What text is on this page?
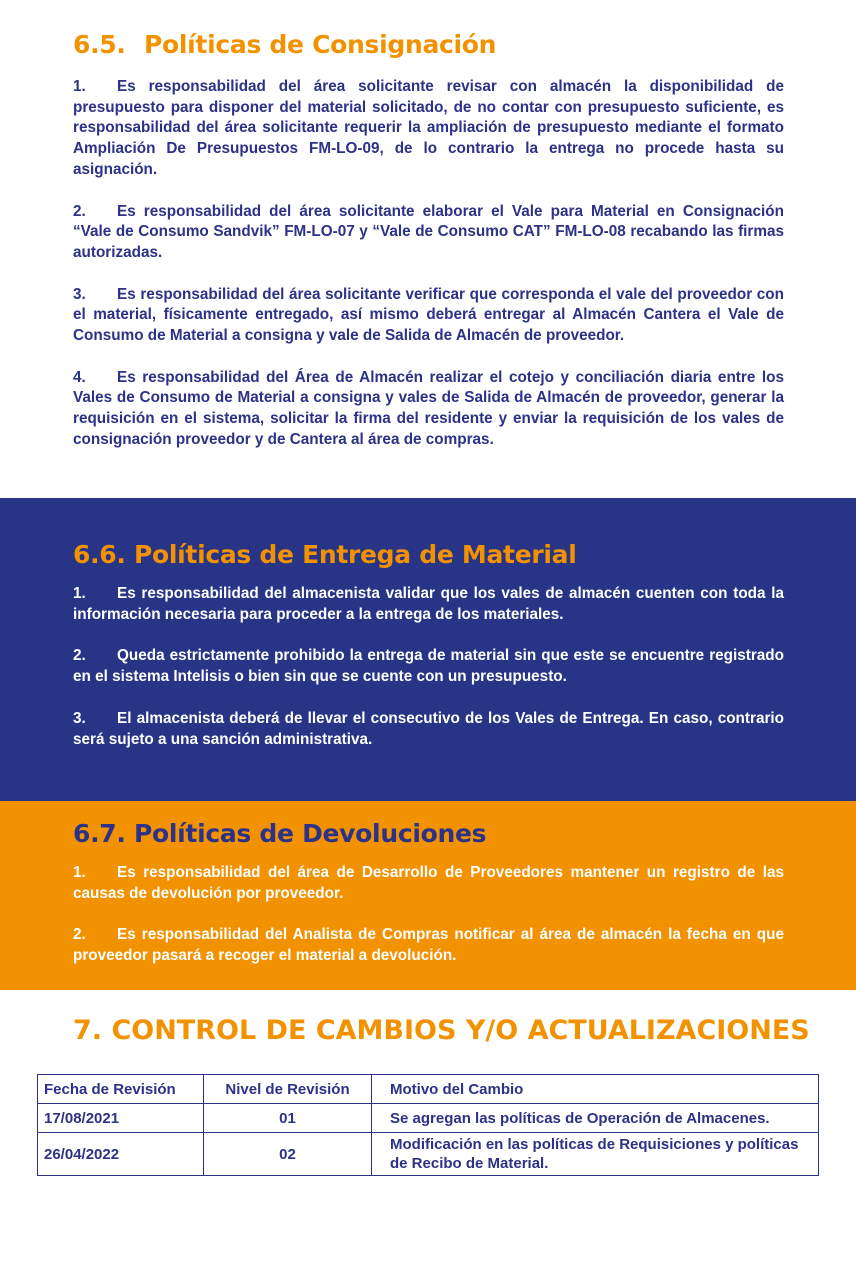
6.5. Políticas de Consignación

1. Es responsabilidad del área solicitante revisar con almacén la disponibilidad de presupuesto para disponer del material solicitado, de no contar con presupuesto suficiente, es responsabilidad del área solicitante requerir la ampliación de presupuesto mediante el formato Ampliación De Presupuestos FM-LO-09, de lo contrario la entrega no procede hasta su asignación.

2. Es responsabilidad del área solicitante elaborar el Vale para Material en Consignación “Vale de Consumo Sandvik” FM-LO-07 y “Vale de Consumo CAT” FM-LO-08 recabando las firmas autorizadas.

3. Es responsabilidad del área solicitante verificar que corresponda el vale del proveedor con el material, físicamente entregado, así mismo deberá entregar al Almacén Cantera el Vale de Consumo de Material a consigna y vale de Salida de Almacén de proveedor.

4. Es responsabilidad del Área de Almacén realizar el cotejo y conciliación diaria entre los Vales de Consumo de Material a consigna y vales de Salida de Almacén de proveedor, generar la requisición en el sistema, solicitar la firma del residente y enviar la requisición de los vales de consignación proveedor y de Cantera al área de compras.

6.6. Políticas de Entrega de Material

1. Es responsabilidad del almacenista validar que los vales de almacén cuenten con toda la información necesaria para proceder a la entrega de los materiales.

2. Queda estrictamente prohibido la entrega de material sin que este se encuentre registrado en el sistema Intelisis o bien sin que se cuente con un presupuesto.

3. El almacenista deberá de llevar el consecutivo de los Vales de Entrega. En caso, contrario será sujeto a una sanción administrativa.

6.7. Políticas de Devoluciones

1. Es responsabilidad del área de Desarrollo de Proveedores mantener un registro de las causas de devolución por proveedor.

2. Es responsabilidad del Analista de Compras notificar al área de almacén la fecha en que proveedor pasará a recoger el material a devolución.

7. CONTROL DE CAMBIOS Y/O ACTUALIZACIONES
Fecha de Revisión	Nivel de Revisión	Motivo del Cambio
17/08/2021	01	Se agregan las políticas de Operación de Almacenes.
26/04/2022	02	Modificación en las políticas de Requisiciones y políticas de Recibo de Material.
